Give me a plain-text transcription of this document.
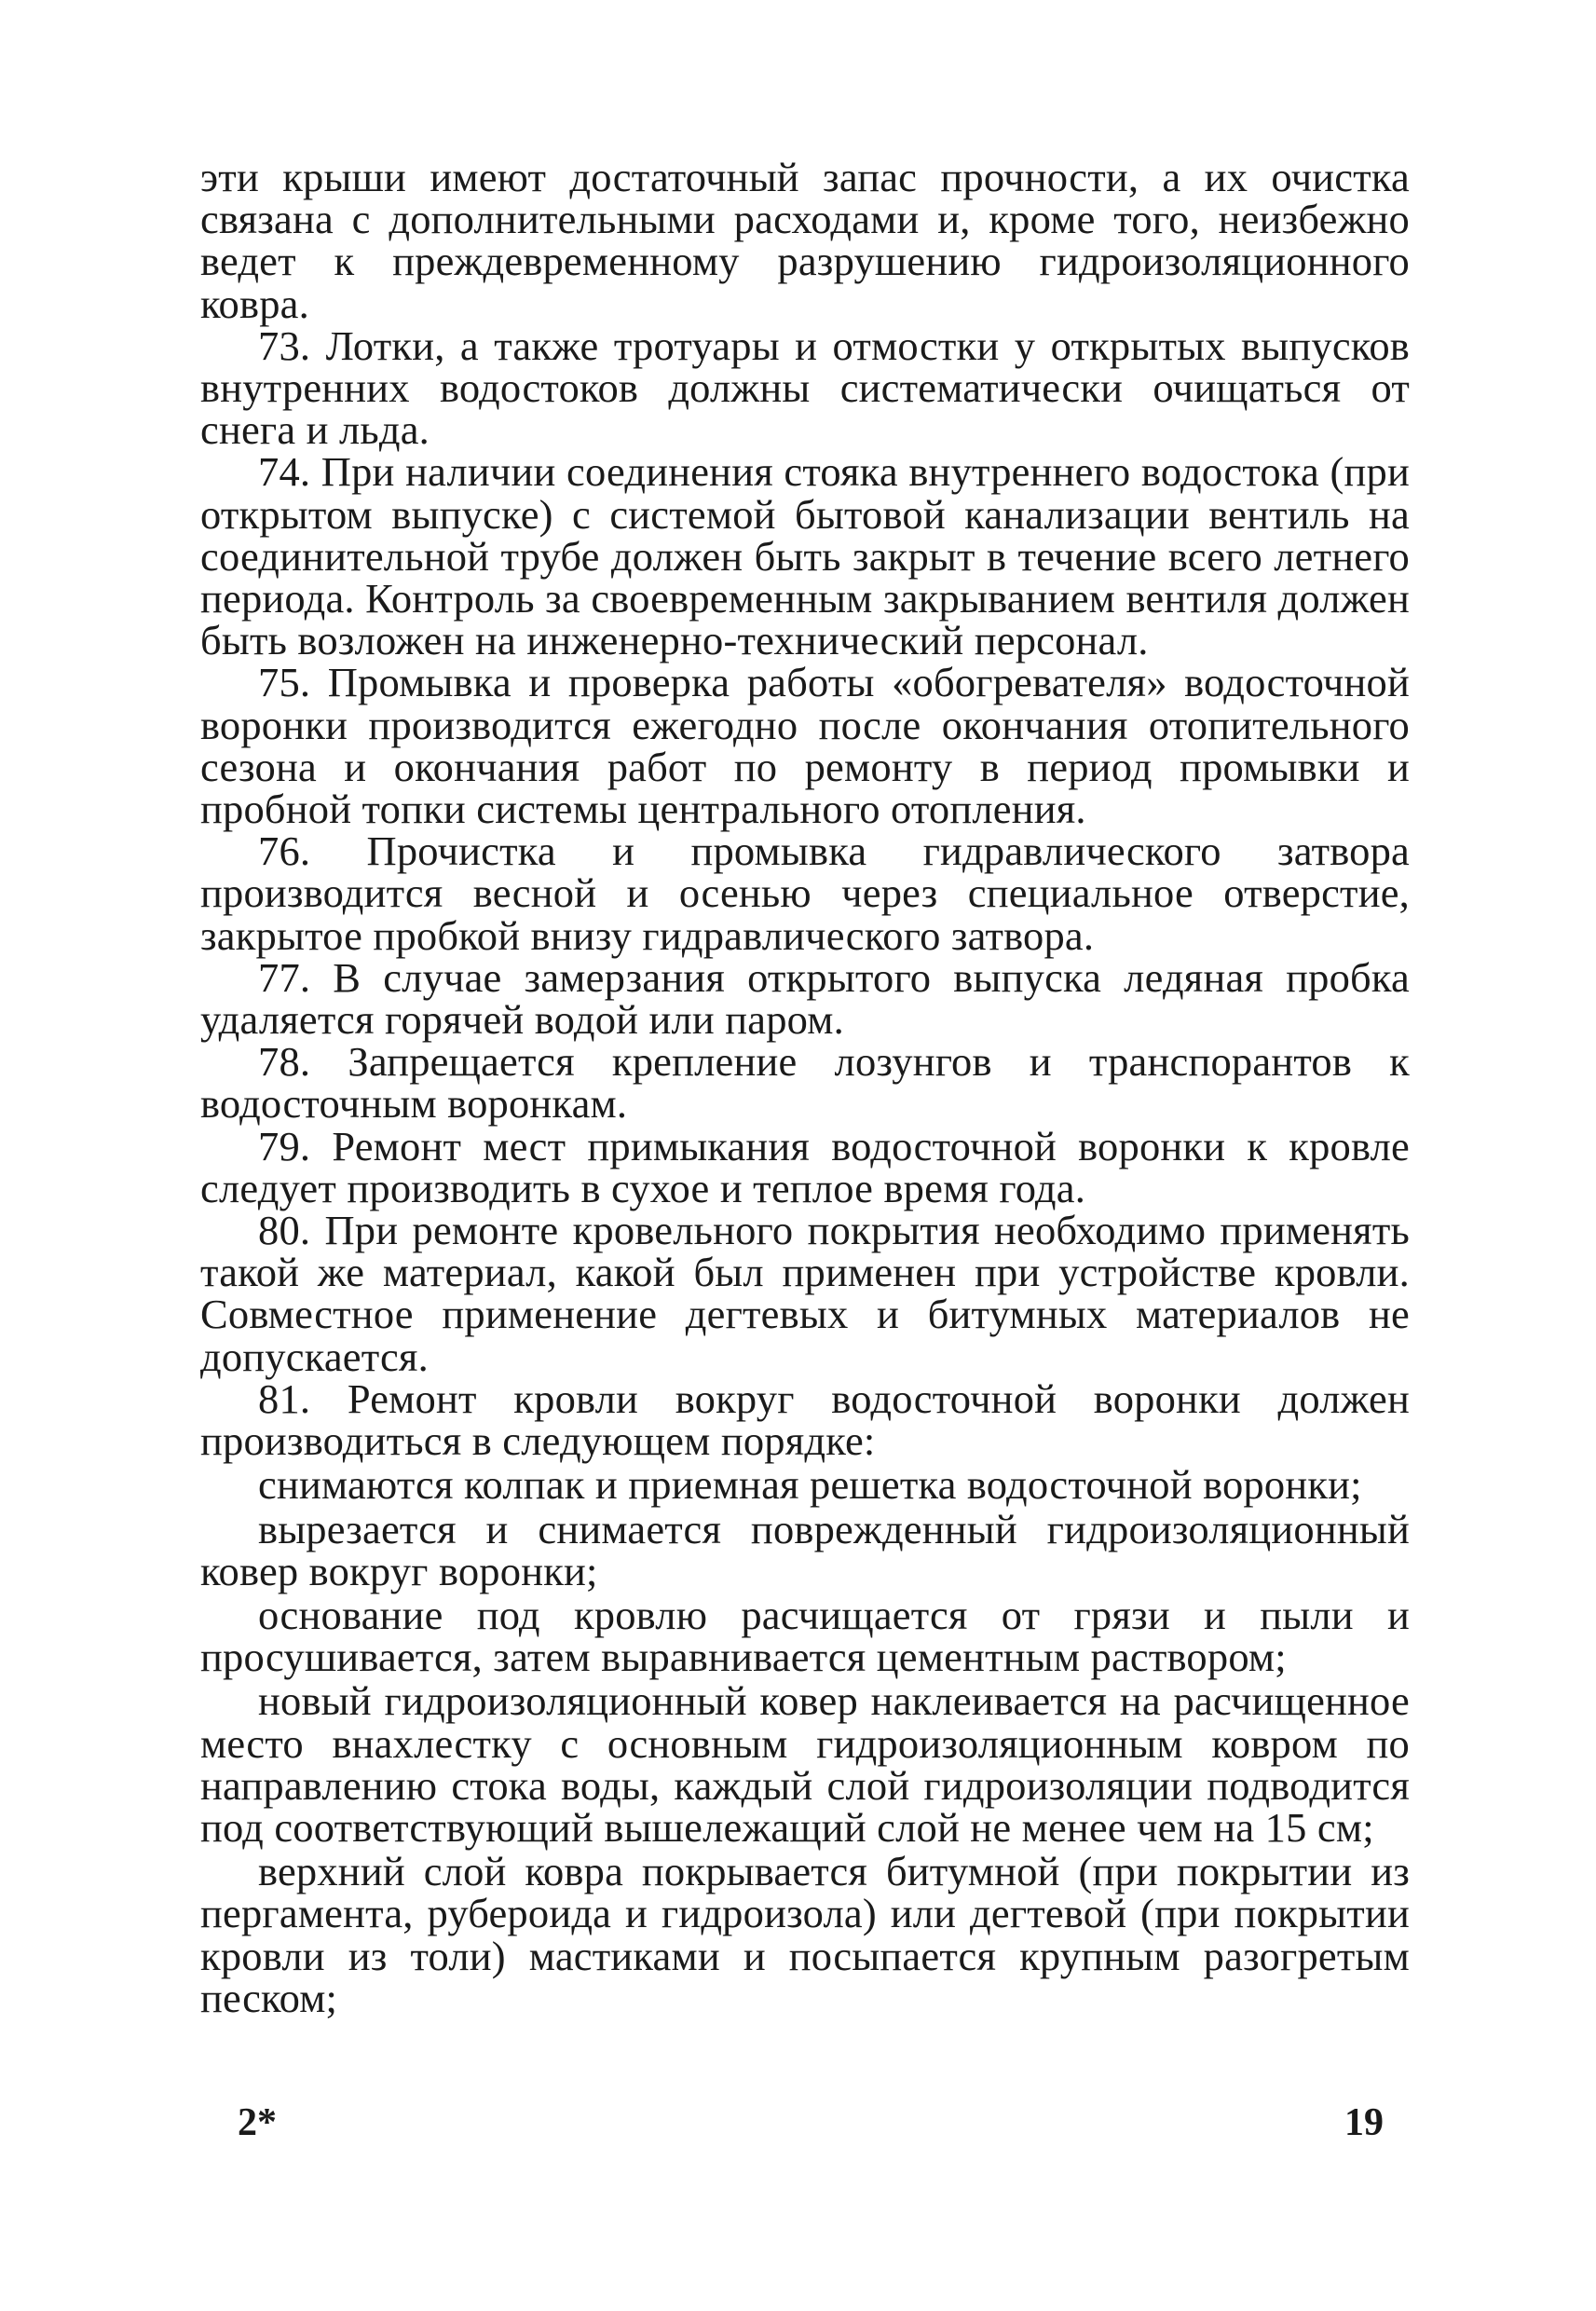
эти крыши имеют достаточный запас прочности, а их очистка связана с дополнительными расходами и, кроме того, неизбежно ведет к преждевременному разрушению гидроизоляционного ковра.

73. Лотки, а также тротуары и отмостки у открытых выпусков внутренних водостоков должны систематически очищаться от снега и льда.

74. При наличии соединения стояка внутреннего водостока (при открытом выпуске) с системой бытовой канализации вентиль на соединительной трубе должен быть закрыт в течение всего летнего периода. Контроль за своевременным закрыванием вентиля должен быть возложен на инженерно-технический персонал.

75. Промывка и проверка работы «обогревателя» водосточной воронки производится ежегодно после окончания отопительного сезона и окончания работ по ремонту в период промывки и пробной топки системы центрального отопления.

76. Прочистка и промывка гидравлического затвора производится весной и осенью через специальное отверстие, закрытое пробкой внизу гидравлического затвора.

77. В случае замерзания открытого выпуска ледяная пробка удаляется горячей водой или паром.

78. Запрещается крепление лозунгов и транспорантов к водосточным воронкам.

79. Ремонт мест примыкания водосточной воронки к кровле следует производить в сухое и теплое время года.

80. При ремонте кровельного покрытия необходимо применять такой же материал, какой был применен при устройстве кровли. Совместное применение дегтевых и битумных материалов не допускается.

81. Ремонт кровли вокруг водосточной воронки должен производиться в следующем порядке:

снимаются колпак и приемная решетка водосточной воронки;

вырезается и снимается поврежденный гидроизоляционный ковер вокруг воронки;

основание под кровлю расчищается от грязи и пыли и просушивается, затем выравнивается цементным раствором;

новый гидроизоляционный ковер наклеивается на расчищенное место внахлестку с основным гидроизоляционным ковром по направлению стока воды, каждый слой гидроизоляции подводится под соответствующий вышележащий слой не менее чем на 15 см;

верхний слой ковра покрывается битумной (при покрытии из пергамента, рубероида и гидроизола) или дегтевой (при покрытии кровли из толи) мастиками и посыпается крупным разогретым песком;

2*	19
